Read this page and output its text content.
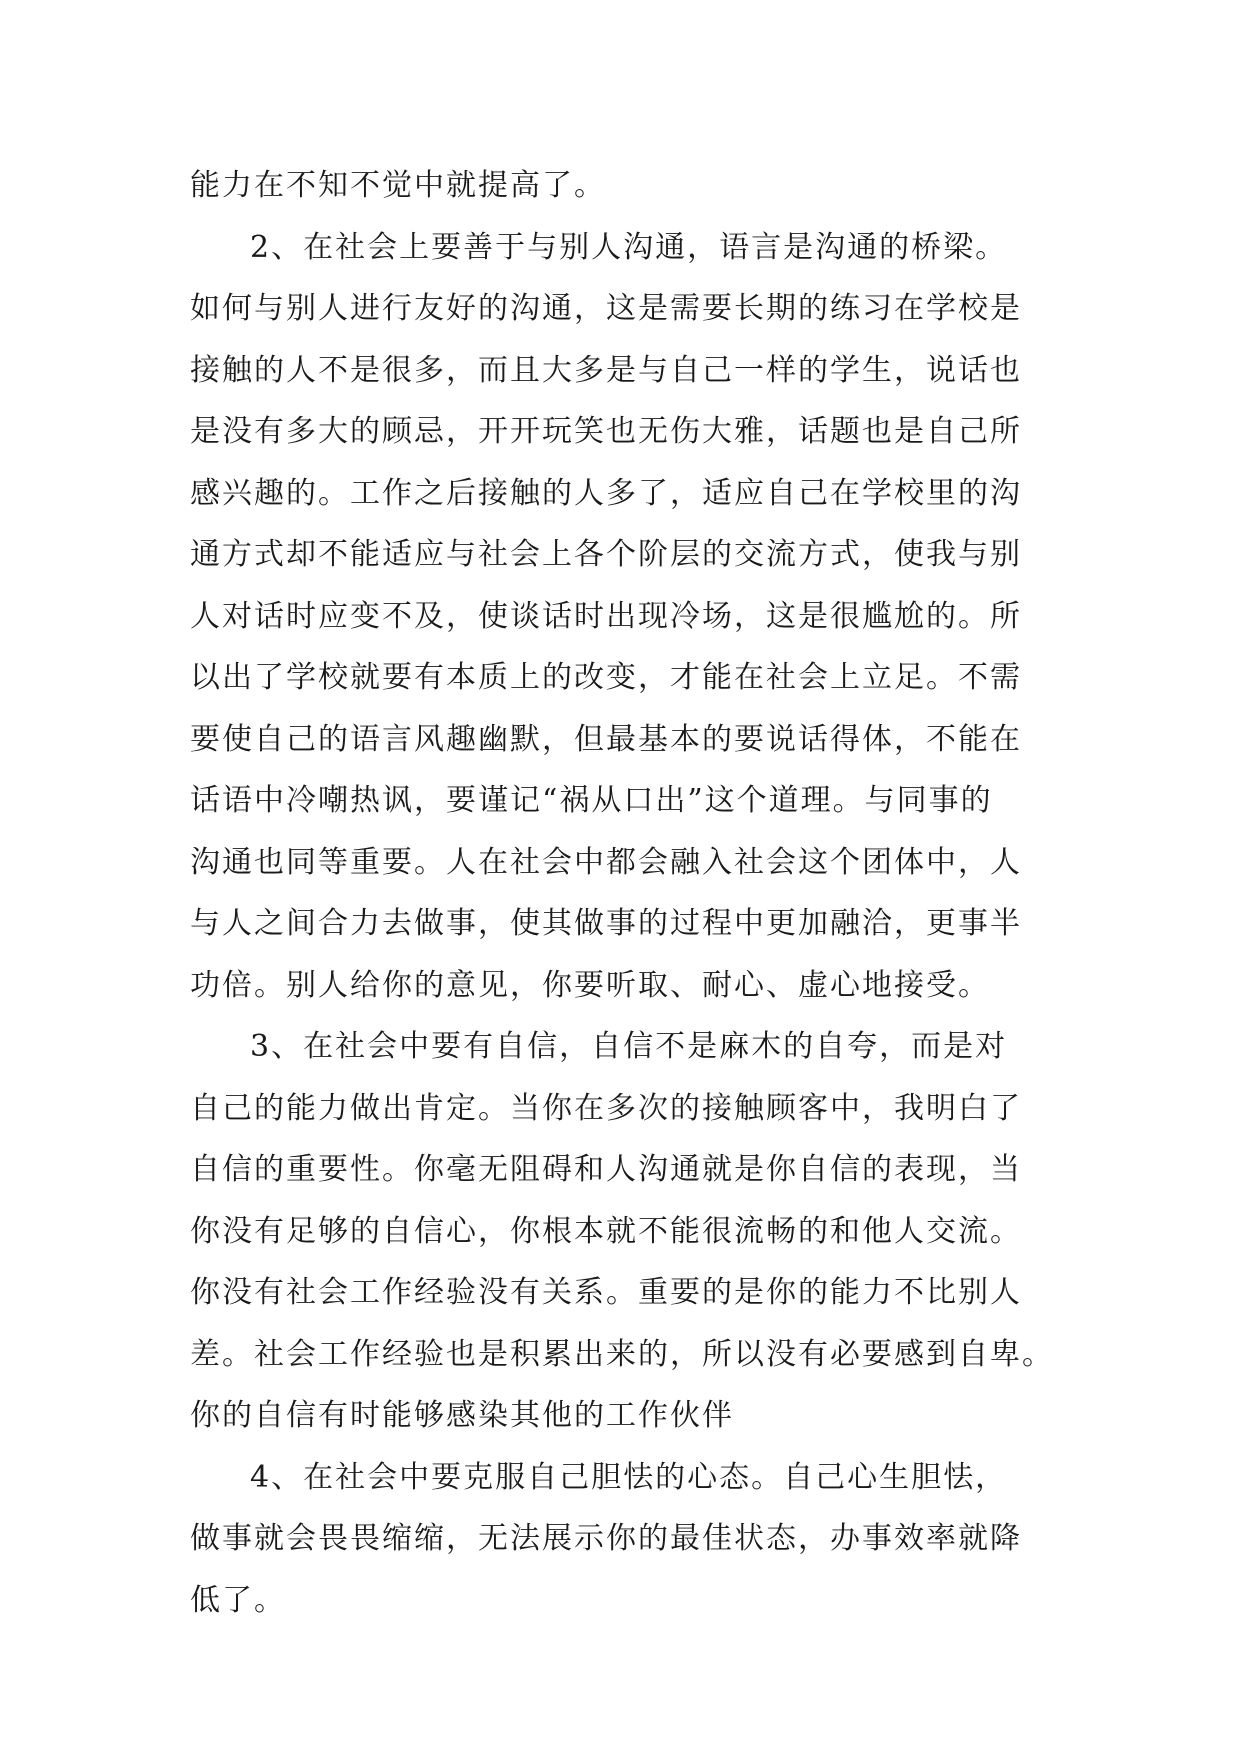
能力在不知不觉中就提高了。
2、在社会上要善于与别人沟通，语言是沟通的桥梁。
如何与别人进行友好的沟通，这是需要长期的练习在学校是
接触的人不是很多，而且大多是与自己一样的学生，说话也
是没有多大的顾忌，开开玩笑也无伤大雅，话题也是自己所
感兴趣的。工作之后接触的人多了，适应自己在学校里的沟
通方式却不能适应与社会上各个阶层的交流方式，使我与别
人对话时应变不及，使谈话时出现冷场，这是很尴尬的。所
以出了学校就要有本质上的改变，才能在社会上立足。不需
要使自己的语言风趣幽默，但最基本的要说话得体，不能在
话语中冷嘲热讽，要谨记“祸从口出”这个道理。与同事的
沟通也同等重要。人在社会中都会融入社会这个团体中，人
与人之间合力去做事，使其做事的过程中更加融洽，更事半
功倍。别人给你的意见，你要听取、耐心、虚心地接受。
3、在社会中要有自信，自信不是麻木的自夸，而是对
自己的能力做出肯定。当你在多次的接触顾客中，我明白了
自信的重要性。你毫无阻碍和人沟通就是你自信的表现，当
你没有足够的自信心，你根本就不能很流畅的和他人交流。
你没有社会工作经验没有关系。重要的是你的能力不比别人
差。社会工作经验也是积累出来的，所以没有必要感到自卑。
你的自信有时能够感染其他的工作伙伴
4、在社会中要克服自己胆怯的心态。自己心生胆怯，
做事就会畏畏缩缩，无法展示你的最佳状态，办事效率就降
低了。
